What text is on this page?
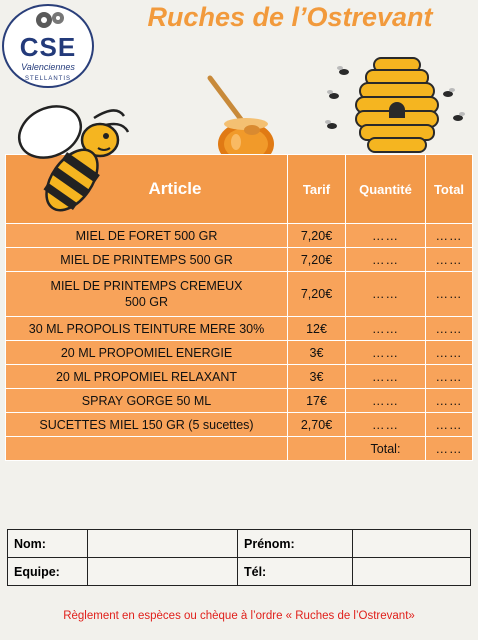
CSE
Valenciennes
STELLANTIS
Ruches de l’Ostrevant
Article	Tarif	Quantité	Total
MIEL DE FORET 500 GR	7,20€	……	……
MIEL DE PRINTEMPS 500 GR	7,20€	……	……
MIEL DE PRINTEMPS CREMEUX
500 GR	7,20€	……	……
30 ML PROPOLIS TEINTURE MERE 30%	12€	……	……
20 ML PROPOMIEL ENERGIE	3€	……	……
20 ML PROPOMIEL RELAXANT	3€	……	……
SPRAY GORGE 50 ML	17€	……	……
SUCETTES MIEL 150 GR (5 sucettes)	2,70€	……	……
		Total:	……
Nom:		Prénom:	
Equipe:		Tél:	
Règlement en espèces ou chèque à l’ordre « Ruches de l’Ostrevant»
